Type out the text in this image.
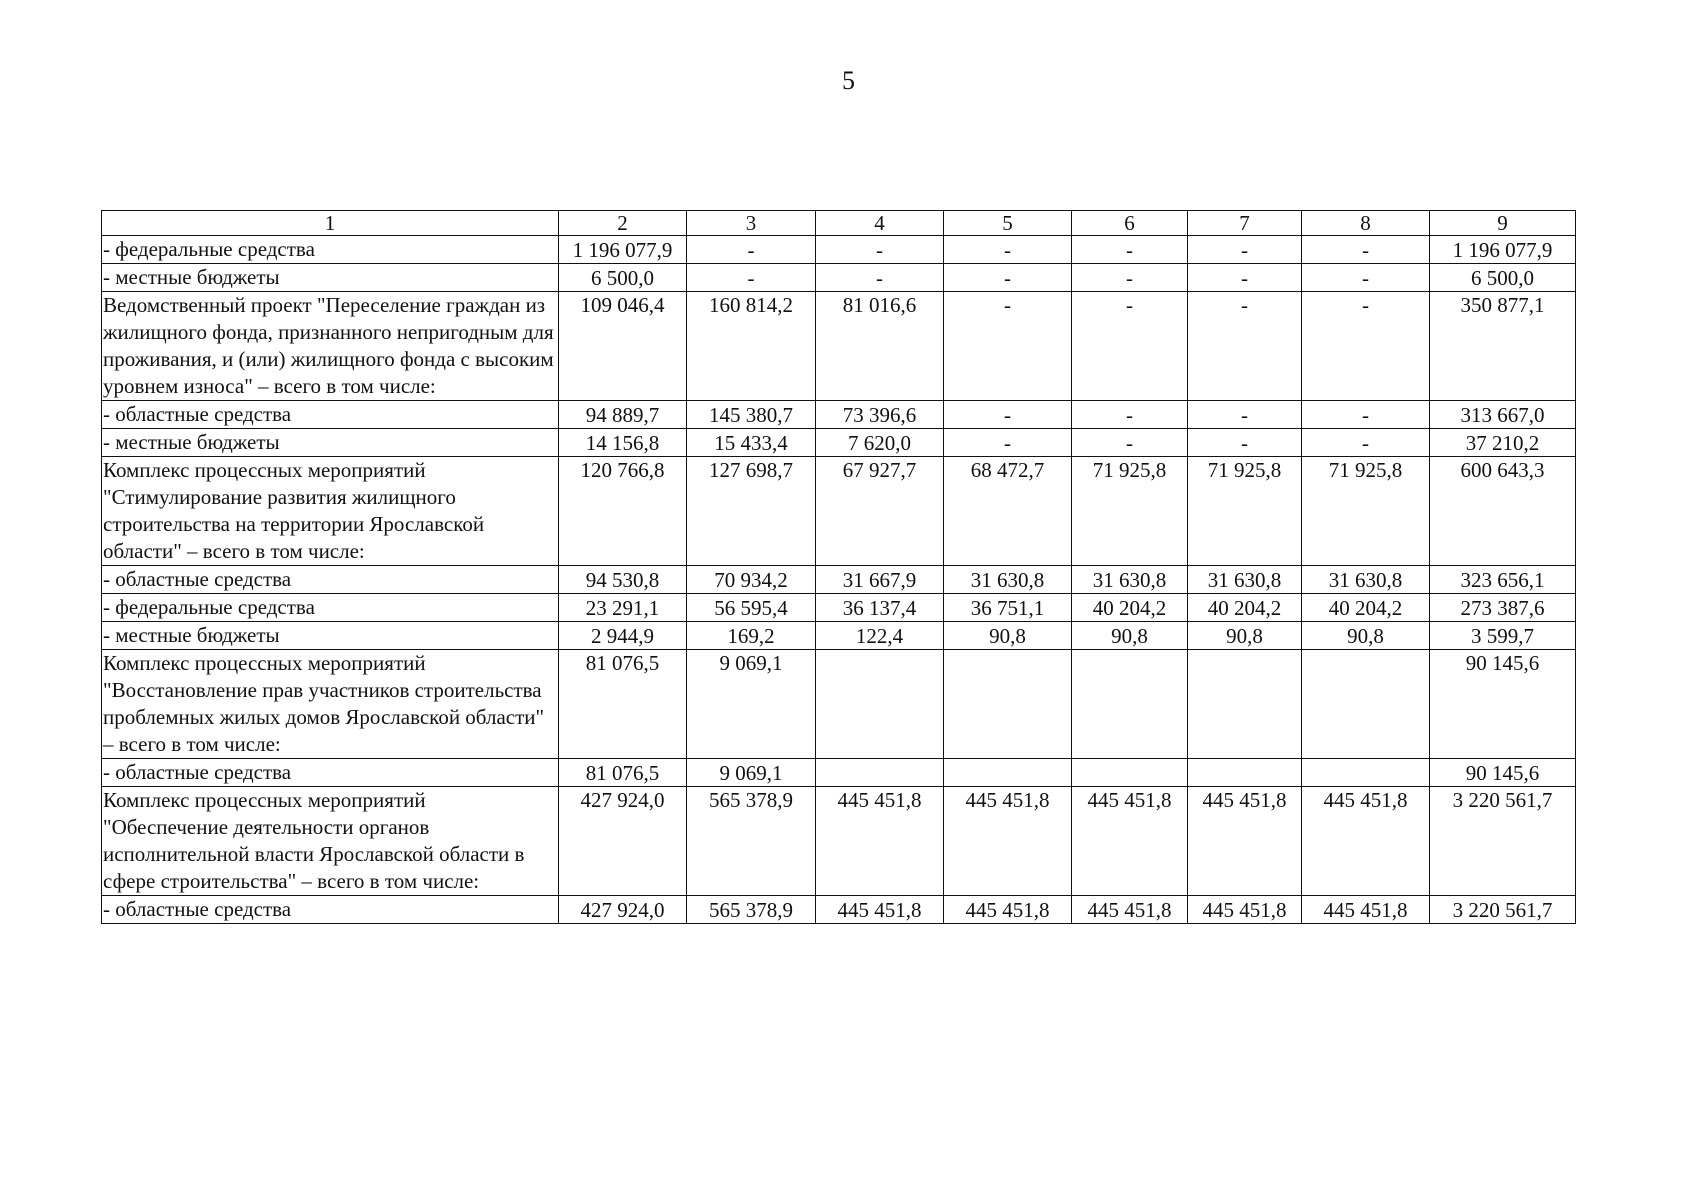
5
1	2	3	4	5	6	7	8	9
- федеральные средства	1 196 077,9	-	-	-	-	-	-	1 196 077,9
- местные бюджеты	6 500,0	-	-	-	-	-	-	6 500,0
Ведомственный проект "Переселение граждан из жилищного фонда, признанного непригодным для проживания, и (или) жилищного фонда с высоким уровнем износа" – всего в том числе:	109 046,4	160 814,2	81 016,6	-	-	-	-	350 877,1
- областные средства	94 889,7	145 380,7	73 396,6	-	-	-	-	313 667,0
- местные бюджеты	14 156,8	15 433,4	7 620,0	-	-	-	-	37 210,2
Комплекс процессных мероприятий "Стимулирование развития жилищного строительства на территории Ярославской области" – всего в том числе:	120 766,8	127 698,7	67 927,7	68 472,7	71 925,8	71 925,8	71 925,8	600 643,3
- областные средства	94 530,8	70 934,2	31 667,9	31 630,8	31 630,8	31 630,8	31 630,8	323 656,1
- федеральные средства	23 291,1	56 595,4	36 137,4	36 751,1	40 204,2	40 204,2	40 204,2	273 387,6
- местные бюджеты	2 944,9	169,2	122,4	90,8	90,8	90,8	90,8	3 599,7
Комплекс процессных мероприятий "Восстановление прав участников строительства проблемных жилых домов Ярославской области" – всего в том числе:	81 076,5	9 069,1						90 145,6
- областные средства	81 076,5	9 069,1						90 145,6
Комплекс процессных мероприятий "Обеспечение деятельности органов исполнительной власти Ярославской области в сфере строительства" – всего в том числе:	427 924,0	565 378,9	445 451,8	445 451,8	445 451,8	445 451,8	445 451,8	3 220 561,7
- областные средства	427 924,0	565 378,9	445 451,8	445 451,8	445 451,8	445 451,8	445 451,8	3 220 561,7
